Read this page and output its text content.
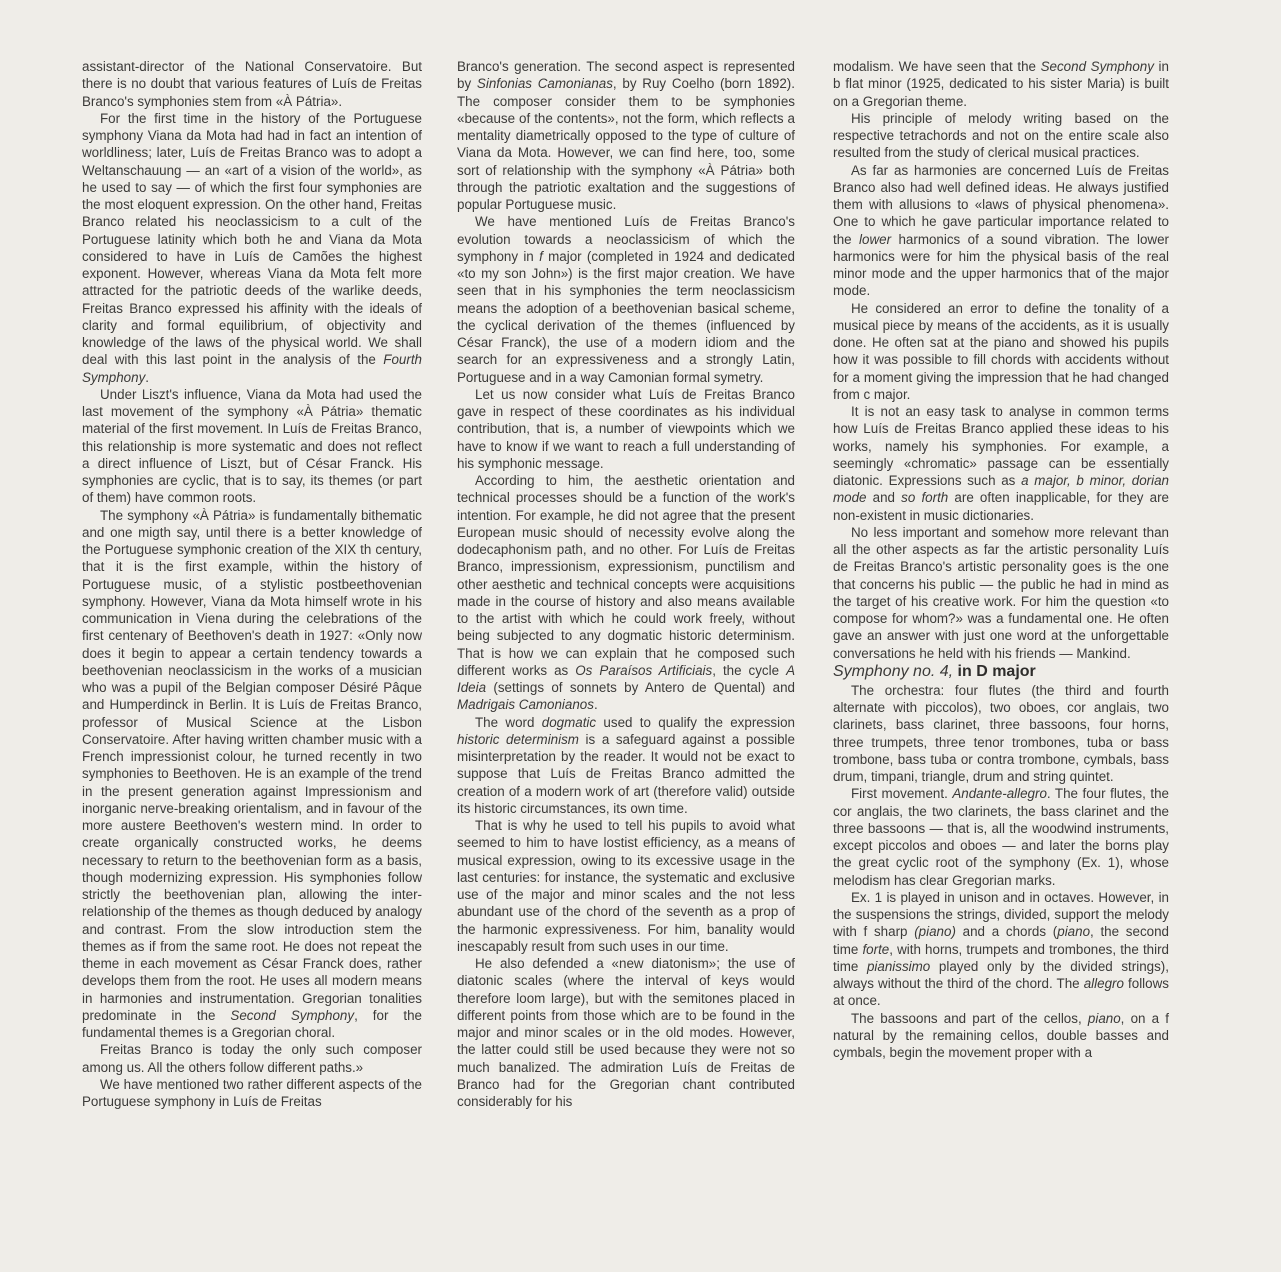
assistant-director of the National Conservatoire. But there is no doubt that various features of Luís de Freitas Branco's symphonies stem from «À Pátria».

For the first time in the history of the Portuguese symphony Viana da Mota had had in fact an intention of worldliness; later, Luís de Freitas Branco was to adopt a Weltanschauung — an «art of a vision of the world», as he used to say — of which the first four symphonies are the most eloquent expression. On the other hand, Freitas Branco related his neoclassicism to a cult of the Portuguese latinity which both he and Viana da Mota considered to have in Luís de Camões the highest exponent. However, whereas Viana da Mota felt more attracted for the patriotic deeds of the warlike deeds, Freitas Branco expressed his affinity with the ideals of clarity and formal equilibrium, of objectivity and knowledge of the laws of the physical world. We shall deal with this last point in the analysis of the Fourth Symphony.

Under Liszt's influence, Viana da Mota had used the last movement of the symphony «À Pátria» thematic material of the first movement. In Luís de Freitas Branco, this relationship is more systematic and does not reflect a direct influence of Liszt, but of César Franck. His symphonies are cyclic, that is to say, its themes (or part of them) have common roots.

The symphony «À Pátria» is fundamentally bithematic and one migth say, until there is a better knowledge of the Portuguese symphonic creation of the XIX th century, that it is the first example, within the history of Portuguese music, of a stylistic postbeethovenian symphony. However, Viana da Mota himself wrote in his communication in Viena during the celebrations of the first centenary of Beethoven's death in 1927: «Only now does it begin to appear a certain tendency towards a beethovenian neoclassicism in the works of a musician who was a pupil of the Belgian composer Désiré Pâque and Humperdinck in Berlin. It is Luís de Freitas Branco, professor of Musical Science at the Lisbon Conservatoire. After having written chamber music with a French impressionist colour, he turned recently in two symphonies to Beethoven. He is an example of the trend in the present generation against Impressionism and inorganic nerve-breaking orientalism, and in favour of the more austere Beethoven's western mind. In order to create organically constructed works, he deems necessary to return to the beethovenian form as a basis, though modernizing expression. His symphonies follow strictly the beethovenian plan, allowing the inter-relationship of the themes as though deduced by analogy and contrast. From the slow introduction stem the themes as if from the same root. He does not repeat the theme in each movement as César Franck does, rather develops them from the root. He uses all modern means in harmonies and instrumentation. Gregorian tonalities predominate in the Second Symphony, for the fundamental themes is a Gregorian choral.

Freitas Branco is today the only such composer among us. All the others follow different paths.»

We have mentioned two rather different aspects of the Portuguese symphony in Luís de Freitas

Branco's generation. The second aspect is represented by Sinfonias Camonianas, by Ruy Coelho (born 1892). The composer consider them to be symphonies «because of the contents», not the form, which reflects a mentality diametrically opposed to the type of culture of Viana da Mota. However, we can find here, too, some sort of relationship with the symphony «À Pátria» both through the patriotic exaltation and the suggestions of popular Portuguese music.

We have mentioned Luís de Freitas Branco's evolution towards a neoclassicism of which the symphony in f major (completed in 1924 and dedicated «to my son John») is the first major creation. We have seen that in his symphonies the term neoclassicism means the adoption of a beethovenian basical scheme, the cyclical derivation of the themes (influenced by César Franck), the use of a modern idiom and the search for an expressiveness and a strongly Latin, Portuguese and in a way Camonian formal symetry.

Let us now consider what Luís de Freitas Branco gave in respect of these coordinates as his individual contribution, that is, a number of viewpoints which we have to know if we want to reach a full understanding of his symphonic message.

According to him, the aesthetic orientation and technical processes should be a function of the work's intention. For example, he did not agree that the present European music should of necessity evolve along the dodecaphonism path, and no other. For Luís de Freitas Branco, impressionism, expressionism, punctilism and other aesthetic and technical concepts were acquisitions made in the course of history and also means available to the artist with which he could work freely, without being subjected to any dogmatic historic determinism. That is how we can explain that he composed such different works as Os Paraísos Artificiais, the cycle A Ideia (settings of sonnets by Antero de Quental) and Madrigais Camonianos.

The word dogmatic used to qualify the expression historic determinism is a safeguard against a possible misinterpretation by the reader. It would not be exact to suppose that Luís de Freitas Branco admitted the creation of a modern work of art (therefore valid) outside its historic circumstances, its own time.

That is why he used to tell his pupils to avoid what seemed to him to have lostist efficiency, as a means of musical expression, owing to its excessive usage in the last centuries: for instance, the systematic and exclusive use of the major and minor scales and the not less abundant use of the chord of the seventh as a prop of the harmonic expressiveness. For him, banality would inescapably result from such uses in our time.

He also defended a «new diatonism»; the use of diatonic scales (where the interval of keys would therefore loom large), but with the semitones placed in different points from those which are to be found in the major and minor scales or in the old modes. However, the latter could still be used because they were not so much banalized. The admiration Luís de Freitas de Branco had for the Gregorian chant contributed considerably for his

modalism. We have seen that the Second Symphony in b flat minor (1925, dedicated to his sister Maria) is built on a Gregorian theme.

His principle of melody writing based on the respective tetrachords and not on the entire scale also resulted from the study of clerical musical practices.

As far as harmonies are concerned Luís de Freitas Branco also had well defined ideas. He always justified them with allusions to «laws of physical phenomena». One to which he gave particular importance related to the lower harmonics of a sound vibration. The lower harmonics were for him the physical basis of the real minor mode and the upper harmonics that of the major mode.

He considered an error to define the tonality of a musical piece by means of the accidents, as it is usually done. He often sat at the piano and showed his pupils how it was possible to fill chords with accidents without for a moment giving the impression that he had changed from c major.

It is not an easy task to analyse in common terms how Luís de Freitas Branco applied these ideas to his works, namely his symphonies. For example, a seemingly «chromatic» passage can be essentially diatonic. Expressions such as a major, b minor, dorian mode and so forth are often inapplicable, for they are non-existent in music dictionaries.

No less important and somehow more relevant than all the other aspects as far the artistic personality Luís de Freitas Branco's artistic personality goes is the one that concerns his public — the public he had in mind as the target of his creative work. For him the question «to compose for whom?» was a fundamental one. He often gave an answer with just one word at the unforgettable conversations he held with his friends — Mankind.

Symphony no. 4, in D major

The orchestra: four flutes (the third and fourth alternate with piccolos), two oboes, cor anglais, two clarinets, bass clarinet, three bassoons, four horns, three trumpets, three tenor trombones, tuba or bass trombone, bass tuba or contra trombone, cymbals, bass drum, timpani, triangle, drum and string quintet.

First movement. Andante-allegro. The four flutes, the cor anglais, the two clarinets, the bass clarinet and the three bassoons — that is, all the woodwind instruments, except piccolos and oboes — and later the borns play the great cyclic root of the symphony (Ex. 1), whose melodism has clear Gregorian marks.

Ex. 1 is played in unison and in octaves. However, in the suspensions the strings, divided, support the melody with f sharp (piano) and a chords (piano, the second time forte, with horns, trumpets and trombones, the third time pianissimo played only by the divided strings), always without the third of the chord. The allegro follows at once.

The bassoons and part of the cellos, piano, on a f natural by the remaining cellos, double basses and cymbals, begin the movement proper with a
